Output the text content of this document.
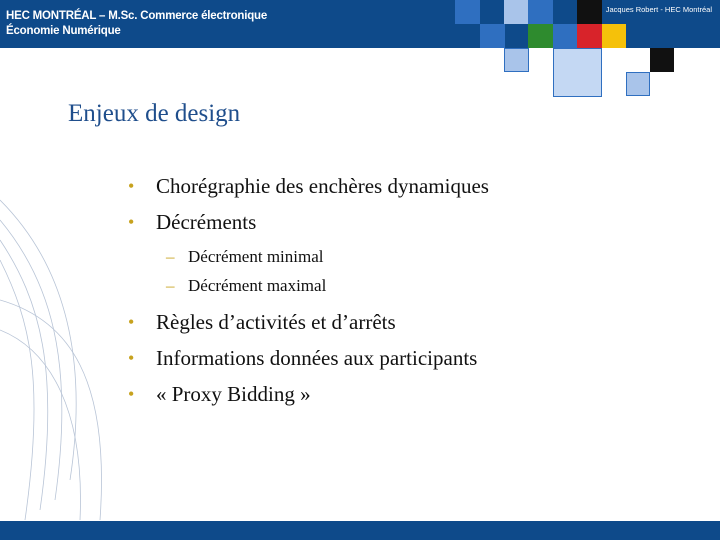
HEC MONTRÉAL – M.Sc. Commerce électronique
Économie Numérique
Enjeux de design
• Chorégraphie des enchères dynamiques
• Décréments
– Décrément minimal
– Décrément maximal
• Règles d’activités et d’arrêts
• Informations données aux participants
• « Proxy Bidding »
Jacques Robert - HEC Montréal
